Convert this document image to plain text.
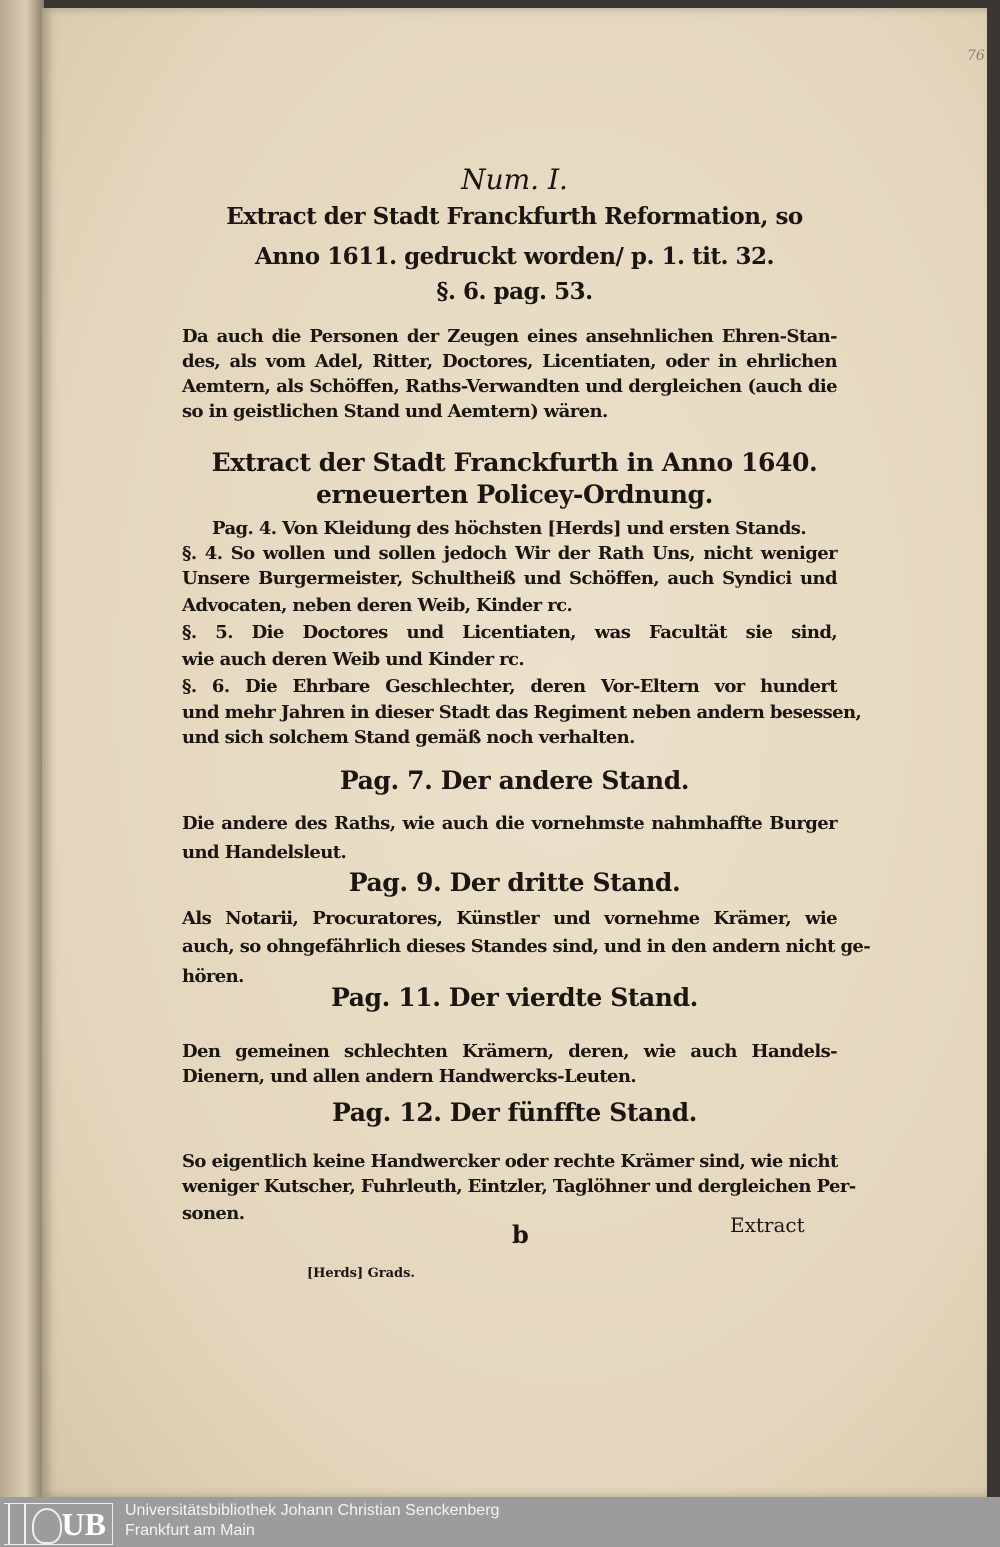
76
Num. I.
Extract der Stadt Franckfurth Reformation, so
Anno 1611. gedruckt worden/ p. 1. tit. 32.
§. 6. pag. 53.
Da auch die Personen der Zeugen eines ansehnlichen Ehren-Stan-
des, als vom Adel, Ritter, Doctores, Licentiaten, oder in ehrlichen
Aemtern, als Schöffen, Raths-Verwandten und dergleichen (auch die
so in geistlichen Stand und Aemtern) wären.
Extract der Stadt Franckfurth in Anno 1640.
erneuerten Policey-Ordnung.
Pag. 4. Von Kleidung des höchsten [Herds] und ersten Stands.
§. 4. So wollen und sollen jedoch Wir der Rath Uns, nicht weniger
Unsere Burgermeister, Schultheiß und Schöffen, auch Syndici und
Advocaten, neben deren Weib, Kinder rc.
§. 5. Die Doctores und Licentiaten, was Facultät sie sind,
wie auch deren Weib und Kinder rc.
§. 6. Die Ehrbare Geschlechter, deren Vor-Eltern vor hundert
und mehr Jahren in dieser Stadt das Regiment neben andern besessen,
und sich solchem Stand gemäß noch verhalten.
Pag. 7. Der andere Stand.
Die andere des Raths, wie auch die vornehmste nahmhaffte Burger
und Handelsleut.
Pag. 9. Der dritte Stand.
Als Notarii, Procuratores, Künstler und vornehme Krämer, wie
auch, so ohngefährlich dieses Standes sind, und in den andern nicht ge-
hören.
Pag. 11. Der vierdte Stand.
Den gemeinen schlechten Krämern, deren, wie auch Handels-
Dienern, und allen andern Handwercks-Leuten.
Pag. 12. Der fünffte Stand.
So eigentlich keine Handwercker oder rechte Krämer sind, wie nicht
weniger Kutscher, Fuhrleuth, Eintzler, Taglöhner und dergleichen Per-
sonen.
b	Extract
[Herds] Grads.
UB Universitätsbibliothek Johann Christian Senckenberg
Frankfurt am Main
